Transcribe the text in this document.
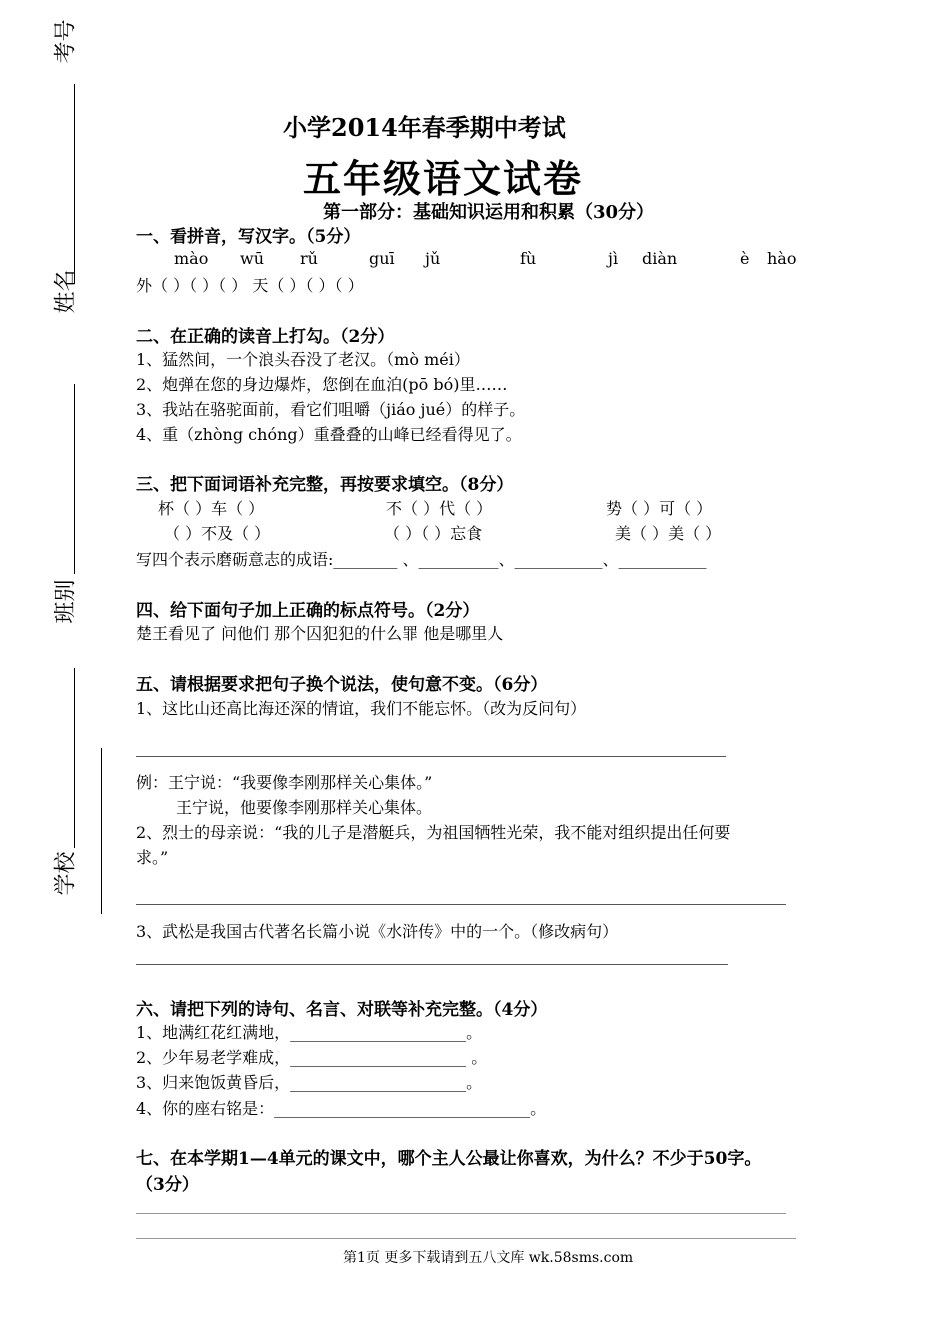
考号
姓名
班别
学校
小学2014年春季期中考试
五年级语文试卷
第一部分：基础知识运用和积累（30分）
一、看拼音，写汉字。（5分）
mào wū rǔ	guī jǔ	fù	jì diàn	è hào
外（ ）（ ）（ ） 天（ ）（ ）（ ）
二、在正确的读音上打勾。（2分）
1、猛然间，一个浪头吞没了老汉。（mò méi）
2、炮弹在您的身边爆炸，您倒在血泊(pō bó)里……
3、我站在骆驼面前，看它们咀嚼（jiáo jué）的样子。
4、重（zhòng chóng）重叠叠的山峰已经看得见了。
三、把下面词语补充完整，再按要求填空。（8分）
杯（ ）车（ ）	不（ ）代（ ）	势（ ）可（ ）
（ ）不及（ ）	（ ）（ ）忘食	美（ ）美（ ）
写四个表示磨砺意志的成语:________ 、__________、___________、___________
四、给下面句子加上正确的标点符号。（2分）
楚王看见了 问他们 那个囚犯犯的什么罪 他是哪里人
五、请根据要求把句子换个说法，使句意不变。（6分）
1、这比山还高比海还深的情谊，我们不能忘怀。（改为反问句）
例：王宁说：“我要像李刚那样关心集体。”
王宁说，他要像李刚那样关心集体。
2、烈士的母亲说：“我的儿子是潜艇兵，为祖国牺牲光荣，我不能对组织提出任何要
求。”
3、武松是我国古代著名长篇小说《水浒传》中的一个。（修改病句）
六、请把下列的诗句、名言、对联等补充完整。（4分）
1、地满红花红满地，______________________。
2、少年易老学难成，______________________ 。
3、归来饱饭黄昏后，______________________。
4、你的座右铭是：________________________________。
七、在本学期1—4单元的课文中，哪个主人公最让你喜欢，为什么？不少于50字。
（3分）
第1页 更多下载请到五八文库 wk.58sms.com
